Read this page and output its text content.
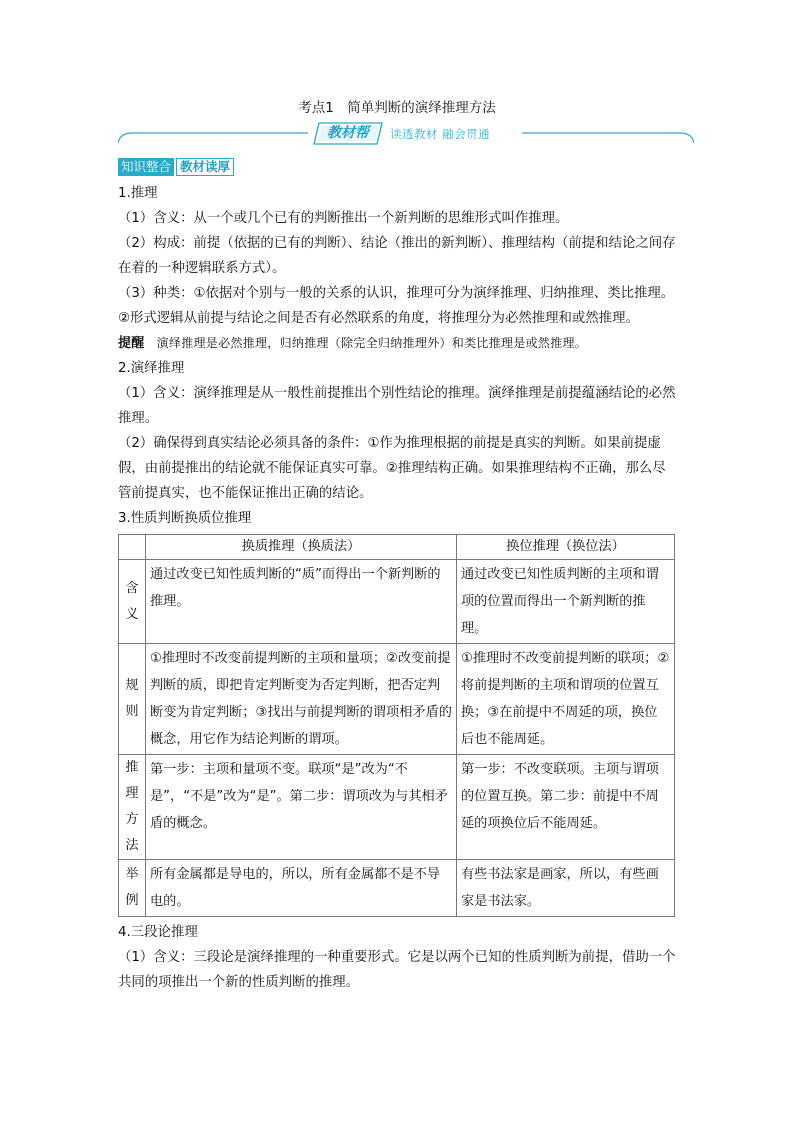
考点1　简单判断的演绎推理方法
教材帮	读透教材 融会贯通
知识整合 教材读厚

1.推理

（1）含义：从一个或几个已有的判断推出一个新判断的思维形式叫作推理。

（2）构成：前提（依据的已有的判断）、结论（推出的新判断）、推理结构（前提和结论之间存在着的一种逻辑联系方式）。

（3）种类：①依据对个别与一般的关系的认识，推理可分为演绎推理、归纳推理、类比推理。②形式逻辑从前提与结论之间是否有必然联系的角度，将推理分为必然推理和或然推理。

提醒 演绎推理是必然推理，归纳推理（除完全归纳推理外）和类比推理是或然推理。

2.演绎推理

（1）含义：演绎推理是从一般性前提推出个别性结论的推理。演绎推理是前提蕴涵结论的必然推理。

（2）确保得到真实结论必须具备的条件：①作为推理根据的前提是真实的判断。如果前提虚假，由前提推出的结论就不能保证真实可靠。②推理结构正确。如果推理结构不正确，那么尽管前提真实，也不能保证推出正确的结论。

3.性质判断换质位推理

	换质推理（换质法）	换位推理（换位法）
含义	通过改变已知性质判断的“质”而得出一个新判断的推理。	通过改变已知性质判断的主项和谓项的位置而得出一个新判断的推理。
规则	①推理时不改变前提判断的主项和量项；②改变前提判断的质，即把肯定判断变为否定判断，把否定判断变为肯定判断；③找出与前提判断的谓项相矛盾的概念，用它作为结论判断的谓项。	①推理时不改变前提判断的联项；②将前提判断的主项和谓项的位置互换；③在前提中不周延的项，换位后也不能周延。
推理方法	第一步：主项和量项不变。联项“是”改为“不是”，“不是”改为“是”。第二步：谓项改为与其相矛盾的概念。	第一步：不改变联项。主项与谓项的位置互换。第二步：前提中不周延的项换位后不能周延。
举例	所有金属都是导电的，所以，所有金属都不是不导电的。	有些书法家是画家，所以，有些画家是书法家。

4.三段论推理

（1）含义：三段论是演绎推理的一种重要形式。它是以两个已知的性质判断为前提，借助一个共同的项推出一个新的性质判断的推理。
